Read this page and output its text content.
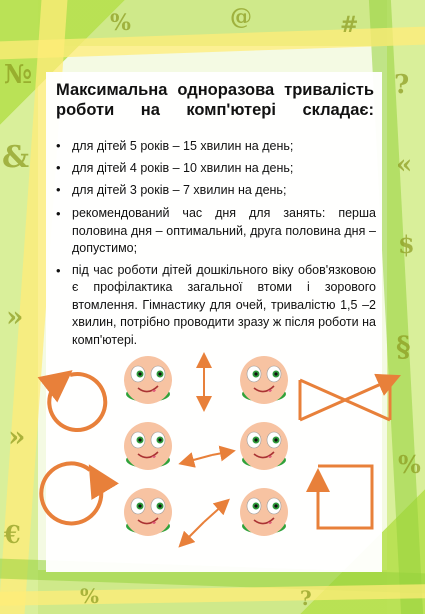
№
&
»
»
€
?
«
$
§
%
%	@	#
%	?
Максимальна одноразова тривалість
роботи на комп'ютері складає:
• для дітей 5 років – 15 хвилин на день;
• для дітей 4 років – 10 хвилин на день;
• для дітей 3 років – 7 хвилин на день;
• рекомендований час дня для занять: перша половина дня – оптимальний, друга половина дня – допустимо;
• під час роботи дітей дошкільного віку обов'язковою є профілактика загальної втоми і зорового втомлення. Гімнастику для очей, тривалістю 1,5 –2 хвилин, потрібно проводити зразу ж після роботи на комп'ютері.
